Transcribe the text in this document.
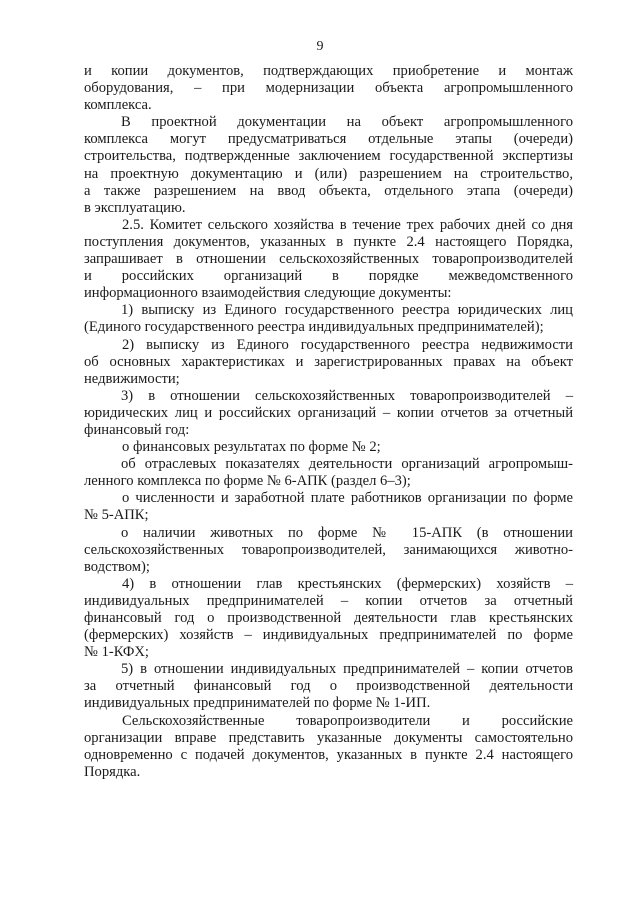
9
и копии документов, подтверждающих приобретение и монтаж
оборудования, – при модернизации объекта агропромышленного
комплекса.
В проектной документации на объект агропромышленного
комплекса могут предусматриваться отдельные этапы (очереди)
строительства, подтвержденные заключением государственной экспертизы
на проектную документацию и (или) разрешением на строительство,
а также разрешением на ввод объекта, отдельного этапа (очереди)
в эксплуатацию.
2.5. Комитет сельского хозяйства в течение трех рабочих дней со дня
поступления документов, указанных в пункте 2.4 настоящего Порядка,
запрашивает в отношении сельскохозяйственных товаропроизводителей
и российских организаций в порядке межведомственного
информационного взаимодействия следующие документы:
1) выписку из Единого государственного реестра юридических лиц
(Единого государственного реестра индивидуальных предпринимателей);
2) выписку из Единого государственного реестра недвижимости
об основных характеристиках и зарегистрированных правах на объект
недвижимости;
3) в отношении сельскохозяйственных товаропроизводителей –
юридических лиц и российских организаций – копии отчетов за отчетный
финансовый год:
о финансовых результатах по форме № 2;
об отраслевых показателях деятельности организаций агропромыш-
ленного комплекса по форме № 6-АПК (раздел 6–3);
о численности и заработной плате работников организации по форме
№ 5-АПК;
о наличии животных по форме № 15-АПК (в отношении
сельскохозяйственных товаропроизводителей, занимающихся животно-
водством);
4) в отношении глав крестьянских (фермерских) хозяйств –
индивидуальных предпринимателей – копии отчетов за отчетный
финансовый год о производственной деятельности глав крестьянских
(фермерских) хозяйств – индивидуальных предпринимателей по форме
№ 1-КФХ;
5) в отношении индивидуальных предпринимателей – копии отчетов
за отчетный финансовый год о производственной деятельности
индивидуальных предпринимателей по форме № 1-ИП.
Сельскохозяйственные товаропроизводители и российские
организации вправе представить указанные документы самостоятельно
одновременно с подачей документов, указанных в пункте 2.4 настоящего
Порядка.
